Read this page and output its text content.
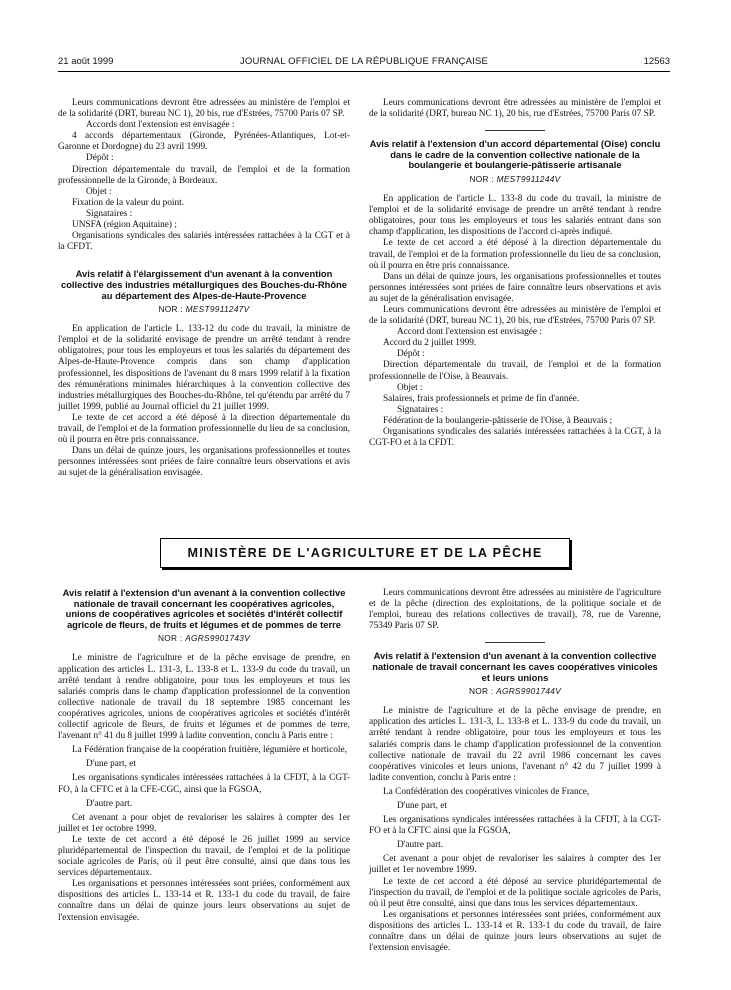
21 août 1999	JOURNAL OFFICIEL DE LA RÉPUBLIQUE FRANÇAISE	12563

Leurs communications devront être adressées au ministère de l'emploi et de la solidarité (DRT, bureau NC 1), 20 bis, rue d'Estrées, 75700 Paris 07 SP.

Accords dont l'extension est envisagée :

4 accords départementaux (Gironde, Pyrénées-Atlantiques, Lot-et-Garonne et Dordogne) du 23 avril 1999.

Dépôt :

Direction départementale du travail, de l'emploi et de la formation professionnelle de la Gironde, à Bordeaux.

Objet :

Fixation de la valeur du point.

Signataires :

UNSFA (région Aquitaine) ;

Organisations syndicales des salariés intéressées rattachées à la CGT et à la CFDT.

Avis relatif à l'élargissement d'un avenant à la convention collective des industries métallurgiques des Bouches-du-Rhône au département des Alpes-de-Haute-Provence
NOR : MEST9911247V

En application de l'article L. 133-12 du code du travail, la ministre de l'emploi et de la solidarité envisage de prendre un arrêté tendant à rendre obligatoires, pour tous les employeurs et tous les salariés du département des Alpes-de-Haute-Provence compris dans son champ d'application professionnel, les dispositions de l'avenant du 8 mars 1999 relatif à la fixation des rémunérations minimales hiérarchiques à la convention collective des industries métallurgiques des Bouches-du-Rhône, tel qu'étendu par arrêté du 7 juillet 1999, publié au Journal officiel du 21 juillet 1999.

Le texte de cet accord a été déposé à la direction départementale du travail, de l'emploi et de la formation professionnelle du lieu de sa conclusion, où il pourra en être pris connaissance.

Dans un délai de quinze jours, les organisations professionnelles et toutes personnes intéressées sont priées de faire connaître leurs observations et avis au sujet de la généralisation envisagée.

Leurs communications devront être adressées au ministère de l'emploi et de la solidarité (DRT, bureau NC 1), 20 bis, rue d'Estrées, 75700 Paris 07 SP.

Avis relatif à l'extension d'un accord départemental (Oise) conclu dans le cadre de la convention collective nationale de la boulangerie et boulangerie-pâtisserie artisanale
NOR : MEST9911244V

En application de l'article L. 133-8 du code du travail, la ministre de l'emploi et de la solidarité envisage de prendre un arrêté tendant à rendre obligatoires, pour tous les employeurs et tous les salariés entrant dans son champ d'application, les dispositions de l'accord ci-après indiqué.

Le texte de cet accord a été déposé à la direction départementale du travail, de l'emploi et de la formation professionnelle du lieu de sa conclusion, où il pourra en être pris connaissance.

Dans un délai de quinze jours, les organisations professionnelles et toutes personnes intéressées sont priées de faire connaître leurs observations et avis au sujet de la généralisation envisagée.

Leurs communications devront être adressées au ministère de l'emploi et de la solidarité (DRT, bureau NC 1), 20 bis, rue d'Estrées, 75700 Paris 07 SP.

Accord dont l'extension est envisagée :

Accord du 2 juillet 1999.

Dépôt :

Direction départementale du travail, de l'emploi et de la formation professionnelle de l'Oise, à Beauvais.

Objet :

Salaires, frais professionnels et prime de fin d'année.

Signataires :

Fédération de la boulangerie-pâtisserie de l'Oise, à Beauvais ;

Organisations syndicales des salariés intéressées rattachées à la CGT, à la CGT-FO et à la CFDT.

MINISTÈRE DE L'AGRICULTURE ET DE LA PÊCHE
Avis relatif à l'extension d'un avenant à la convention collective nationale de travail concernant les coopératives agricoles, unions de coopératives agricoles et sociétés d'intérêt collectif agricole de fleurs, de fruits et légumes et de pommes de terre
NOR : AGRS9901743V

Le ministre de l'agriculture et de la pêche envisage de prendre, en application des articles L. 131-3, L. 133-8 et L. 133-9 du code du travail, un arrêté tendant à rendre obligatoire, pour tous les employeurs et tous les salariés compris dans le champ d'application professionnel de la convention collective nationale de travail du 18 septembre 1985 concernant les coopératives agricoles, unions de coopératives agricoles et sociétés d'intérêt collectif agricole de fleurs, de fruits et légumes et de pommes de terre, l'avenant n° 41 du 8 juillet 1999 à ladite convention, conclu à Paris entre :

La Fédération française de la coopération fruitière, légumière et horticole,

D'une part, et

Les organisations syndicales intéressées rattachées à la CFDT, à la CGT-FO, à la CFTC et à la CFE-CGC, ainsi que la FGSOA,

D'autre part.

Cet avenant a pour objet de revaloriser les salaires à compter des 1er juillet et 1er octobre 1999.

Le texte de cet accord a été déposé le 26 juillet 1999 au service pluridépartemental de l'inspection du travail, de l'emploi et de la politique sociale agricoles de Paris, où il peut être consulté, ainsi que dans tous les services départementaux.

Les organisations et personnes intéressées sont priées, conformément aux dispositions des articles L. 133-14 et R. 133-1 du code du travail, de faire connaître dans un délai de quinze jours leurs observations au sujet de l'extension envisagée.

Leurs communications devront être adressées au ministère de l'agriculture et de la pêche (direction des exploitations, de la politique sociale et de l'emploi, bureau des relations collectives de travail), 78, rue de Varenne, 75349 Paris 07 SP.

Avis relatif à l'extension d'un avenant à la convention collective nationale de travail concernant les caves coopératives vinicoles et leurs unions
NOR : AGRS9901744V

Le ministre de l'agriculture et de la pêche envisage de prendre, en application des articles L. 131-3, L. 133-8 et L. 133-9 du code du travail, un arrêté tendant à rendre obligatoire, pour tous les employeurs et tous les salariés compris dans le champ d'application professionnel de la convention collective nationale de travail du 22 avril 1986 concernant les caves coopératives vinicoles et leurs unions, l'avenant n° 42 du 7 juillet 1999 à ladite convention, conclu à Paris entre :

La Confédération des coopératives vinicoles de France,

D'une part, et

Les organisations syndicales intéressées rattachées à la CFDT, à la CGT-FO et à la CFTC ainsi que la FGSOA,

D'autre part.

Cet avenant a pour objet de revaloriser les salaires à compter des 1er juillet et 1er novembre 1999.

Le texte de cet accord a été déposé au service pluridépartemental de l'inspection du travail, de l'emploi et de la politique sociale agricoles de Paris, où il peut être consulté, ainsi que dans tous les services départementaux.

Les organisations et personnes intéressées sont priées, conformément aux dispositions des articles L. 133-14 et R. 133-1 du code du travail, de faire connaître dans un délai de quinze jours leurs observations au sujet de l'extension envisagée.
